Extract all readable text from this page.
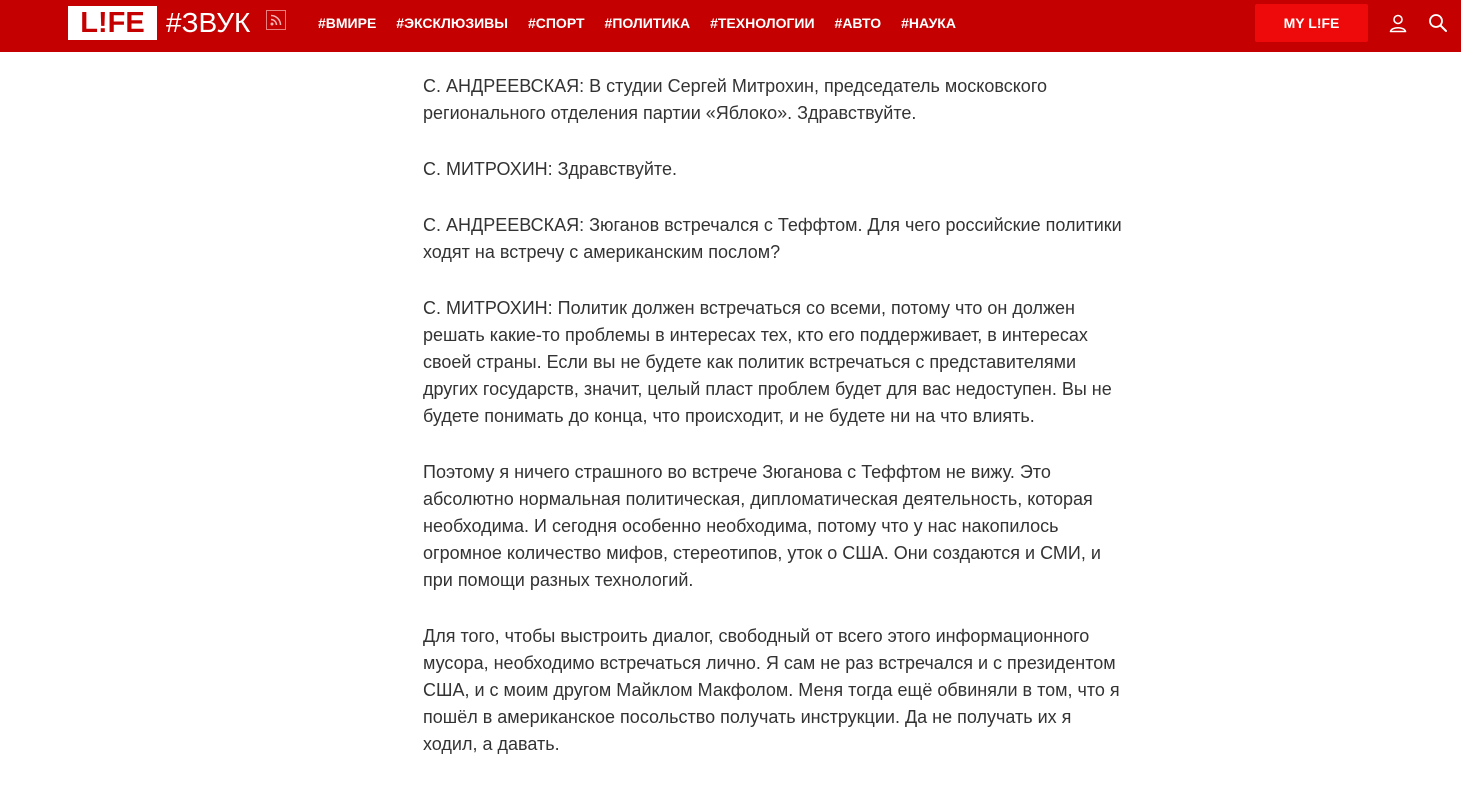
L!FE #ЗВУК	#ВМИРЕ #ЭКСКЛЮЗИВЫ #СПОРТ #ПОЛИТИКА #ТЕХНОЛОГИИ #АВТО #НАУКА	MY L!FE

С. АНДРЕЕВСКАЯ: В студии Сергей Митрохин, председатель московского регионального отделения партии «Яблоко». Здравствуйте.

С. МИТРОХИН: Здравствуйте.

С. АНДРЕЕВСКАЯ: Зюганов встречался с Теффтом. Для чего российские политики ходят на встречу с американским послом?

С. МИТРОХИН: Политик должен встречаться со всеми, потому что он должен решать какие-то проблемы в интересах тех, кто его поддерживает, в интересах своей страны. Если вы не будете как политик встречаться с представителями других государств, значит, целый пласт проблем будет для вас недоступен. Вы не будете понимать до конца, что происходит, и не будете ни на что влиять.

Поэтому я ничего страшного во встрече Зюганова с Теффтом не вижу. Это абсолютно нормальная политическая, дипломатическая деятельность, которая необходима. И сегодня особенно необходима, потому что у нас накопилось огромное количество мифов, стереотипов, уток о США. Они создаются и СМИ, и при помощи разных технологий.

Для того, чтобы выстроить диалог, свободный от всего этого информационного мусора, необходимо встречаться лично. Я сам не раз встречался и с президентом США, и с моим другом Майклом Макфолом. Меня тогда ещё обвиняли в том, что я пошёл в американское посольство получать инструкции. Да не получать их я ходил, а давать.
